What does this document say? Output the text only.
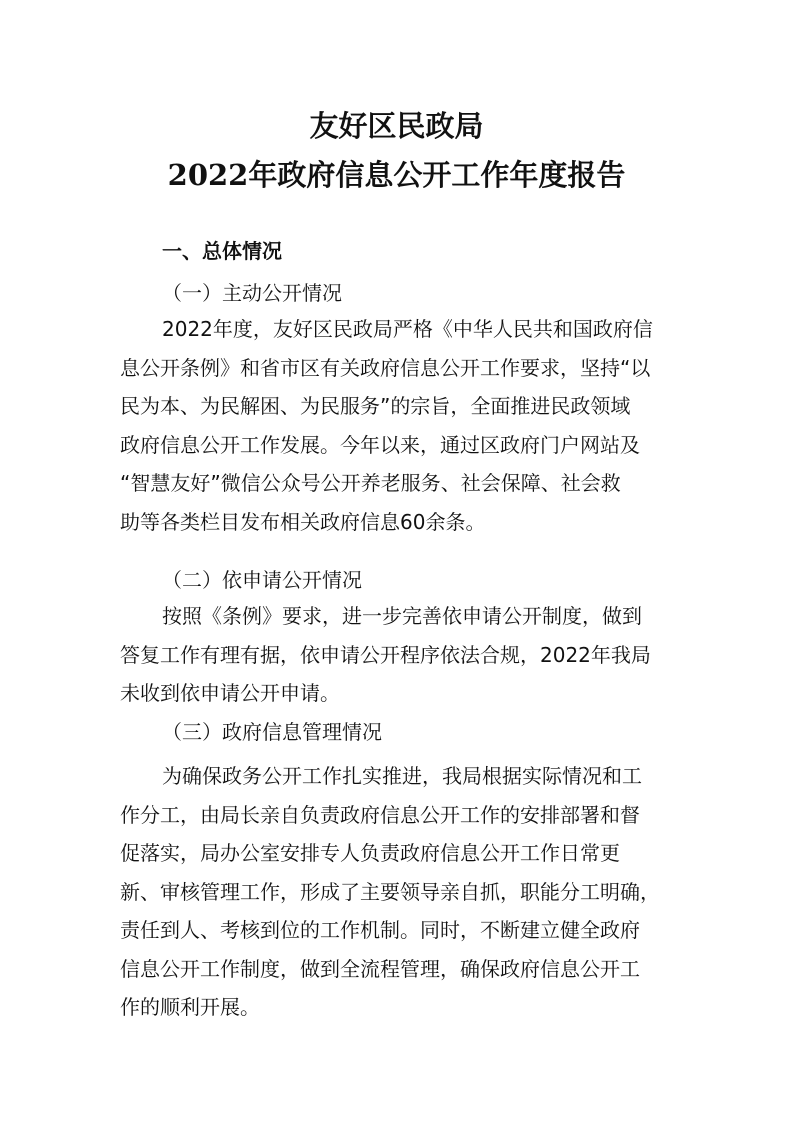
友好区民政局
2022年政府信息公开工作年度报告
一、总体情况
（一）主动公开情况
2022年度，友好区民政局严格《中华人民共和国政府信
息公开条例》和省市区有关政府信息公开工作要求，坚持“以
民为本、为民解困、为民服务”的宗旨，全面推进民政领域
政府信息公开工作发展。今年以来，通过区政府门户网站及
“智慧友好”微信公众号公开养老服务、社会保障、社会救
助等各类栏目发布相关政府信息60余条。
（二）依申请公开情况
按照《条例》要求，进一步完善依申请公开制度，做到
答复工作有理有据，依申请公开程序依法合规，2022年我局
未收到依申请公开申请。
（三）政府信息管理情况
为确保政务公开工作扎实推进，我局根据实际情况和工
作分工，由局长亲自负责政府信息公开工作的安排部署和督
促落实，局办公室安排专人负责政府信息公开工作日常更
新、审核管理工作，形成了主要领导亲自抓，职能分工明确，
责任到人、考核到位的工作机制。同时，不断建立健全政府
信息公开工作制度，做到全流程管理，确保政府信息公开工
作的顺利开展。
